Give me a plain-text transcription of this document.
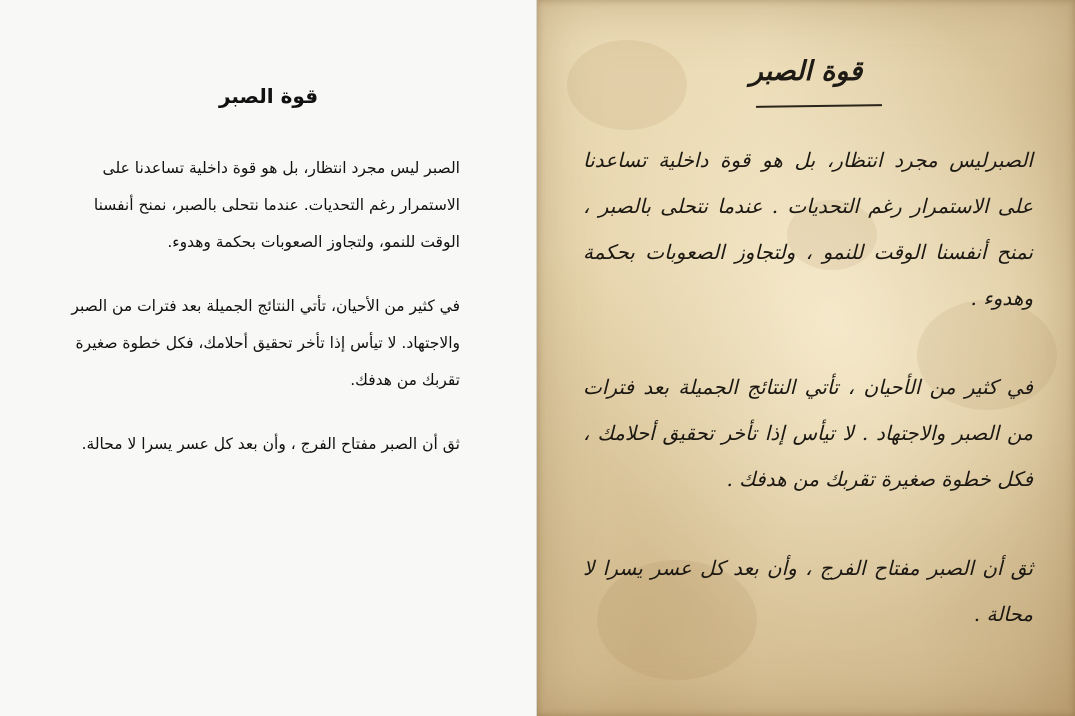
قوة الصبر

الصبر ليس مجرد انتظار، بل هو قوة داخلية تساعدنا على الاستمرار رغم التحديات. عندما نتحلى بالصبر، نمنح أنفسنا الوقت للنمو، ولتجاوز الصعوبات بحكمة وهدوء.

في كثير من الأحيان، تأتي النتائج الجميلة بعد فترات من الصبر والاجتهاد. لا تيأس إذا تأخر تحقيق أحلامك، فكل خطوة صغيرة تقربك من هدفك.

ثق أن الصبر مفتاح الفرج ، وأن بعد كل عسر يسرا لا محالة.

قوة الصبر

الصبرليس مجرد انتظار، بل هو قوة داخلية تساعدنا على الاستمرار رغم التحديات . عندما نتحلى بالصبر ، نمنح أنفسنا الوقت للنمو ، ولتجاوز الصعوبات بحكمة وهدوء .

في كثير من الأحيان ، تأتي النتائج الجميلة بعد فترات من الصبر والاجتهاد . لا تيأس إذا تأخر تحقيق أحلامك ، فكل خطوة صغيرة تقربك من هدفك .

ثق أن الصبر مفتاح الفرج ، وأن بعد كل عسر يسرا لا محالة .
